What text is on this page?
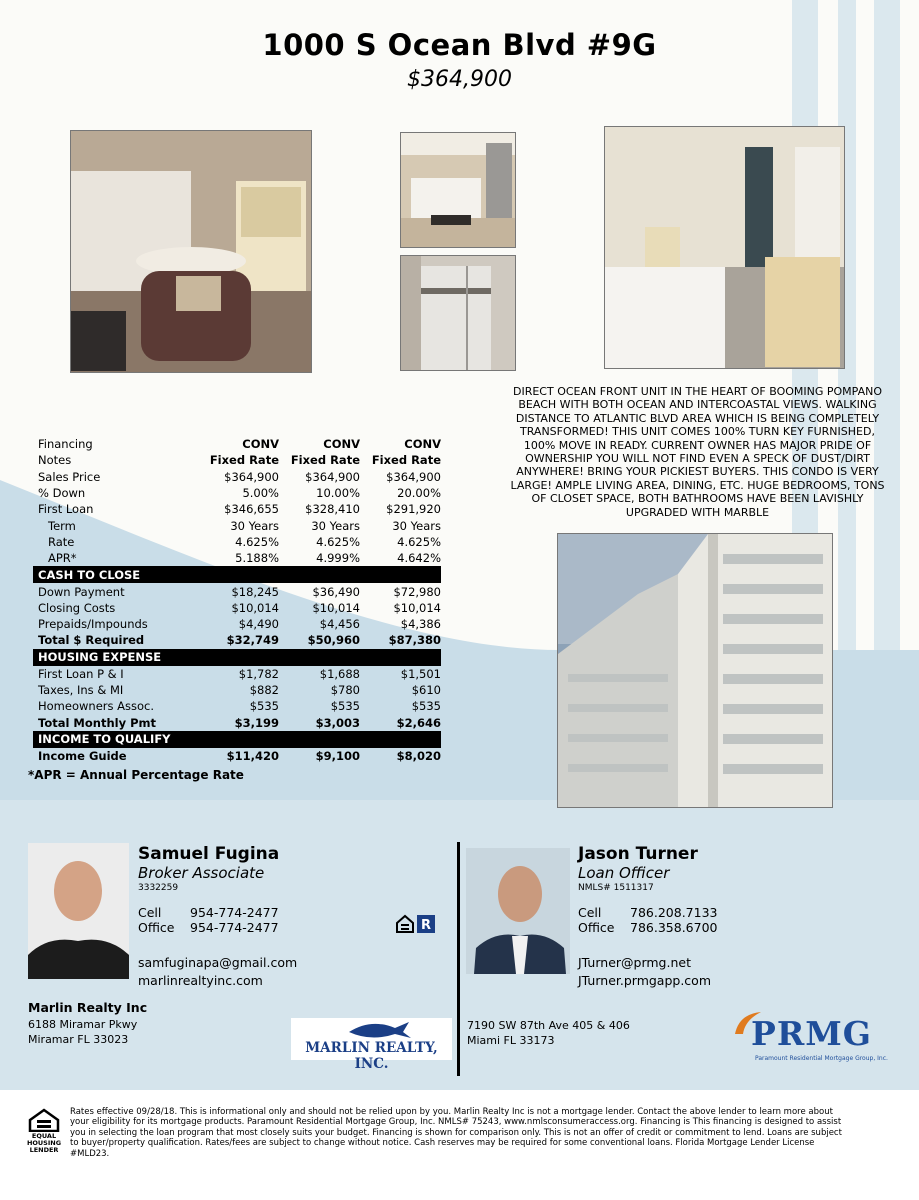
1000 S Ocean Blvd #9G
$364,900
DIRECT OCEAN FRONT UNIT IN THE HEART OF BOOMING POMPANO BEACH WITH BOTH OCEAN AND INTERCOASTAL VIEWS. WALKING DISTANCE TO ATLANTIC BLVD AREA WHICH IS BEING COMPLETELY TRANSFORMED! THIS UNIT COMES 100% TURN KEY FURNISHED, 100% MOVE IN READY. CURRENT OWNER HAS MAJOR PRIDE OF OWNERSHIP YOU WILL NOT FIND EVEN A SPECK OF DUST/DIRT ANYWHERE! BRING YOUR PICKIEST BUYERS. THIS CONDO IS VERY LARGE! AMPLE LIVING AREA, DINING, ETC. HUGE BEDROOMS, TONS OF CLOSET SPACE, BOTH BATHROOMS HAVE BEEN LAVISHLY UPGRADED WITH MARBLE
Financing	CONV	CONV	CONV
Notes	Fixed Rate	Fixed Rate	Fixed Rate
Sales Price	$364,900	$364,900	$364,900
% Down	5.00%	10.00%	20.00%
First Loan	$346,655	$328,410	$291,920
Term	30 Years	30 Years	30 Years
Rate	4.625%	4.625%	4.625%
APR*	5.188%	4.999%	4.642%
CASH TO CLOSE			
Down Payment	$18,245	$36,490	$72,980
Closing Costs	$10,014	$10,014	$10,014
Prepaids/Impounds	$4,490	$4,456	$4,386
Total $ Required	$32,749	$50,960	$87,380
HOUSING EXPENSE			
First Loan P & I	$1,782	$1,688	$1,501
Taxes, Ins & MI	$882	$780	$610
Homeowners Assoc.	$535	$535	$535
Total Monthly Pmt	$3,199	$3,003	$2,646
INCOME TO QUALIFY			
Income Guide	$11,420	$9,100	$8,020
*APR = Annual Percentage Rate
Samuel Fugina
Broker Associate
3332259
Cell 954-774-2477
Office 954-774-2477
samfuginapa@gmail.com
marlinrealtyinc.com
R
Marlin Realty Inc
6188 Miramar Pkwy
Miramar FL 33023
MARLIN REALTY, INC.
Jason Turner
Loan Officer
NMLS# 1511317
Cell 786.208.7133
Office 786.358.6700
JTurner@prmg.net
JTurner.prmgapp.com
7190 SW 87th Ave 405 & 406
Miami FL 33173	PRMG
Paramount Residential Mortgage Group, Inc.
EQUAL HOUSING LENDER
Rates effective 09/28/18. This is informational only and should not be relied upon by you. Marlin Realty Inc is not a mortgage lender. Contact the above lender to learn more about your eligibility for its mortgage products. Paramount Residential Mortgage Group, Inc. NMLS# 75243, www.nmlsconsumeraccess.org. Financing is This financing is designed to assist you in selecting the loan program that most closely suits your budget. Financing is shown for comparison only. This is not an offer of credit or commitment to lend. Loans are subject to buyer/property qualification. Rates/fees are subject to change without notice. Cash reserves may be required for some conventional loans. Florida Mortgage Lender License #MLD23.
© Miami MLS® 10/2018
